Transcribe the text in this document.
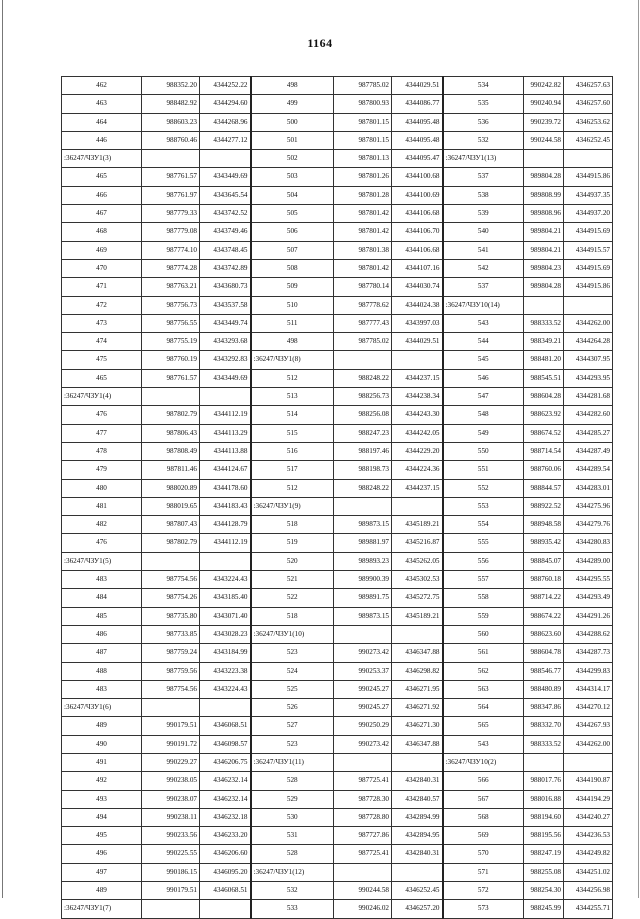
1164
462	988352.20	4344252.22	498	987785.02	4344029.51	534	990242.82	4346257.63
463	988482.92	4344294.60	499	987800.93	4344086.77	535	990240.94	4346257.60
464	988603.23	4344268.96	500	987801.15	4344095.48	536	990239.72	4346253.62
446	988760.46	4344277.12	501	987801.15	4344095.48	532	990244.58	4346252.45
:36247/ЧЗУ1(3)			502	987801.13	4344095.47	:36247/ЧЗУ1(13)		
465	987761.57	4343449.69	503	987801.26	4344100.68	537	989804.28	4344915.86
466	987761.97	4343645.54	504	987801.28	4344100.69	538	989808.99	4344937.35
467	987779.33	4343742.52	505	987801.42	4344106.68	539	989808.96	4344937.20
468	987779.08	4343749.46	506	987801.42	4344106.70	540	989804.21	4344915.69
469	987774.10	4343748.45	507	987801.38	4344106.68	541	989804.21	4344915.57
470	987774.28	4343742.89	508	987801.42	4344107.16	542	989804.23	4344915.69
471	987763.21	4343680.73	509	987780.14	4344030.74	537	989804.28	4344915.86
472	987756.73	4343537.58	510	987778.62	4344024.38	:36247/ЧЗУ10(14)		
473	987756.55	4343449.74	511	987777.43	4343997.03	543	988333.52	4344262.00
474	987755.19	4343293.68	498	987785.02	4344029.51	544	988349.21	4344264.28
475	987760.19	4343292.83	:36247/ЧЗУ1(8)			545	988481.20	4344307.95
465	987761.57	4343449.69	512	988248.22	4344237.15	546	988545.51	4344293.95
:36247/ЧЗУ1(4)			513	988256.73	4344238.34	547	988604.28	4344281.68
476	987802.79	4344112.19	514	988256.08	4344243.30	548	988623.92	4344282.60
477	987806.43	4344113.29	515	988247.23	4344242.05	549	988674.52	4344285.27
478	987808.49	4344113.88	516	988197.46	4344229.20	550	988714.54	4344287.49
479	987811.46	4344124.67	517	988198.73	4344224.36	551	988760.06	4344289.54
480	988020.89	4344178.60	512	988248.22	4344237.15	552	988844.57	4344283.01
481	988019.65	4344183.43	:36247/ЧЗУ1(9)			553	988922.52	4344275.96
482	987807.43	4344128.79	518	989873.15	4345189.21	554	988948.58	4344279.76
476	987802.79	4344112.19	519	989881.97	4345216.87	555	988935.42	4344280.83
:36247/ЧЗУ1(5)			520	989893.23	4345262.05	556	988845.07	4344289.00
483	987754.56	4343224.43	521	989900.39	4345302.53	557	988760.18	4344295.55
484	987754.26	4343185.40	522	989891.75	4345272.75	558	988714.22	4344293.49
485	987735.80	4343071.40	518	989873.15	4345189.21	559	988674.22	4344291.26
486	987733.85	4343028.23	:36247/ЧЗУ1(10)			560	988623.60	4344288.62
487	987759.24	4343184.99	523	990273.42	4346347.88	561	988604.78	4344287.73
488	987759.56	4343223.38	524	990253.37	4346298.82	562	988546.77	4344299.83
483	987754.56	4343224.43	525	990245.27	4346271.95	563	988480.89	4344314.17
:36247/ЧЗУ1(6)			526	990245.27	4346271.92	564	988347.86	4344270.12
489	990179.51	4346068.51	527	990250.29	4346271.30	565	988332.70	4344267.93
490	990191.72	4346098.57	523	990273.42	4346347.88	543	988333.52	4344262.00
491	990229.27	4346206.75	:36247/ЧЗУ1(11)			:36247/ЧЗУ10(2)		
492	990238.05	4346232.14	528	987725.41	4342840.31	566	988017.76	4344190.87
493	990238.07	4346232.14	529	987728.30	4342840.57	567	988016.88	4344194.29
494	990238.11	4346232.18	530	987728.80	4342894.99	568	988194.60	4344240.27
495	990233.56	4346233.20	531	987727.86	4342894.95	569	988195.56	4344236.53
496	990225.55	4346206.60	528	987725.41	4342840.31	570	988247.19	4344249.82
497	990186.15	4346095.20	:36247/ЧЗУ1(12)			571	988255.08	4344251.02
489	990179.51	4346068.51	532	990244.58	4346252.45	572	988254.30	4344256.98
:36247/ЧЗУ1(7)			533	990246.02	4346257.20	573	988245.99	4344255.71
